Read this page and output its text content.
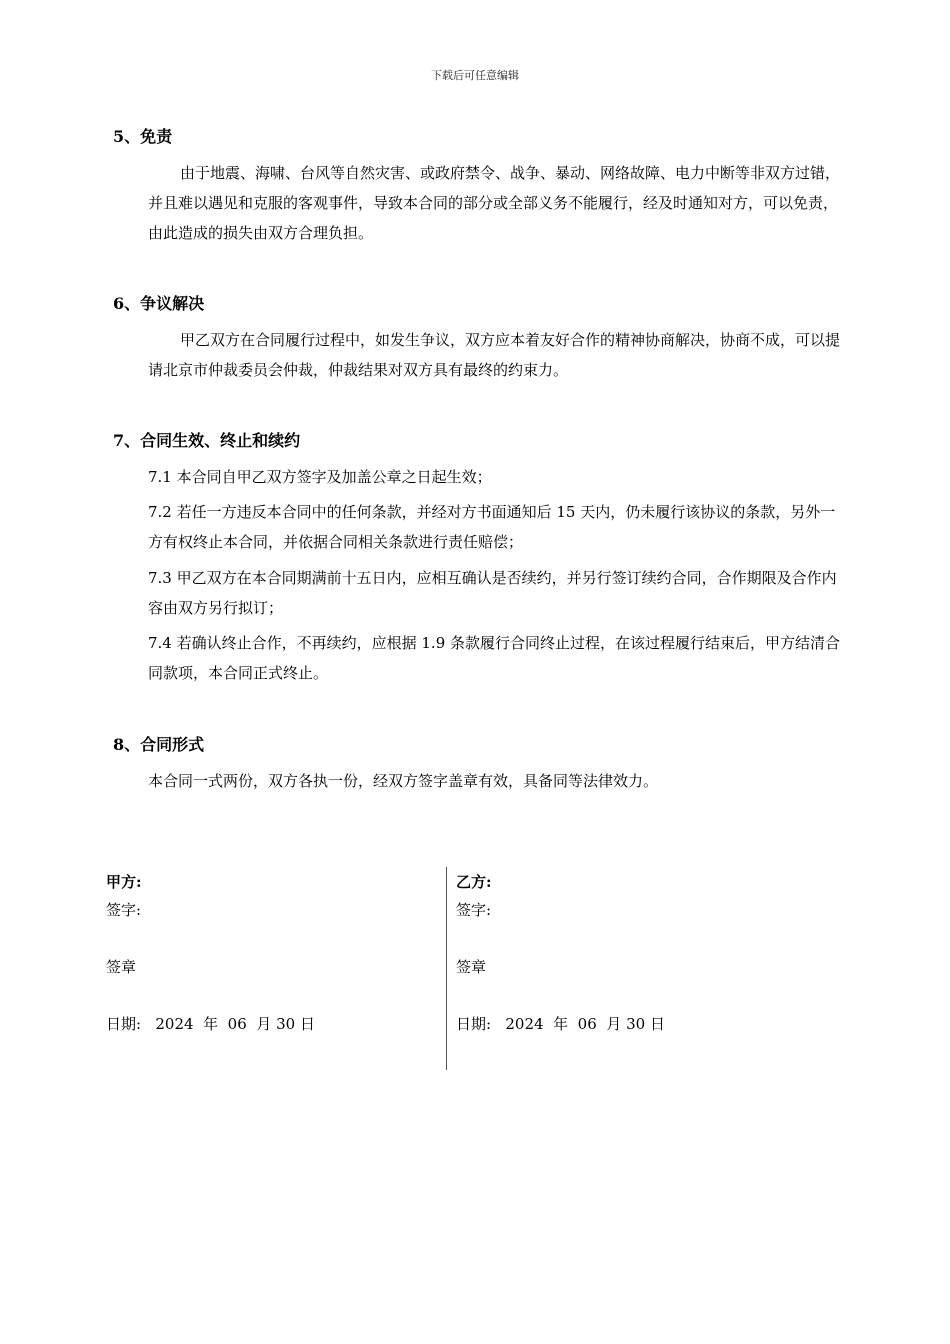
下载后可任意编辑
5、免责
由于地震、海啸、台风等自然灾害、或政府禁令、战争、暴动、网络故障、电力中断等非双方过错，并且难以遇见和克服的客观事件，导致本合同的部分或全部义务不能履行，经及时通知对方，可以免责，由此造成的损失由双方合理负担。
6、争议解决
甲乙双方在合同履行过程中，如发生争议，双方应本着友好合作的精神协商解决，协商不成，可以提请北京市仲裁委员会仲裁，仲裁结果对双方具有最终的约束力。
7、合同生效、终止和续约
7.1 本合同自甲乙双方签字及加盖公章之日起生效；
7.2 若任一方违反本合同中的任何条款，并经对方书面通知后 15 天内，仍未履行该协议的条款，另外一方有权终止本合同，并依据合同相关条款进行责任赔偿；
7.3 甲乙双方在本合同期满前十五日内，应相互确认是否续约，并另行签订续约合同，合作期限及合作内容由双方另行拟订；
7.4 若确认终止合作，不再续约，应根据 1.9 条款履行合同终止过程，在该过程履行结束后，甲方结清合同款项，本合同正式终止。
8、合同形式
本合同一式两份，双方各执一份，经双方签字盖章有效，具备同等法律效力。
甲方:
签字:
签章
日期: 2024 年 06 月 30 日
乙方:
签字:
签章
日期: 2024 年 06 月 30 日
